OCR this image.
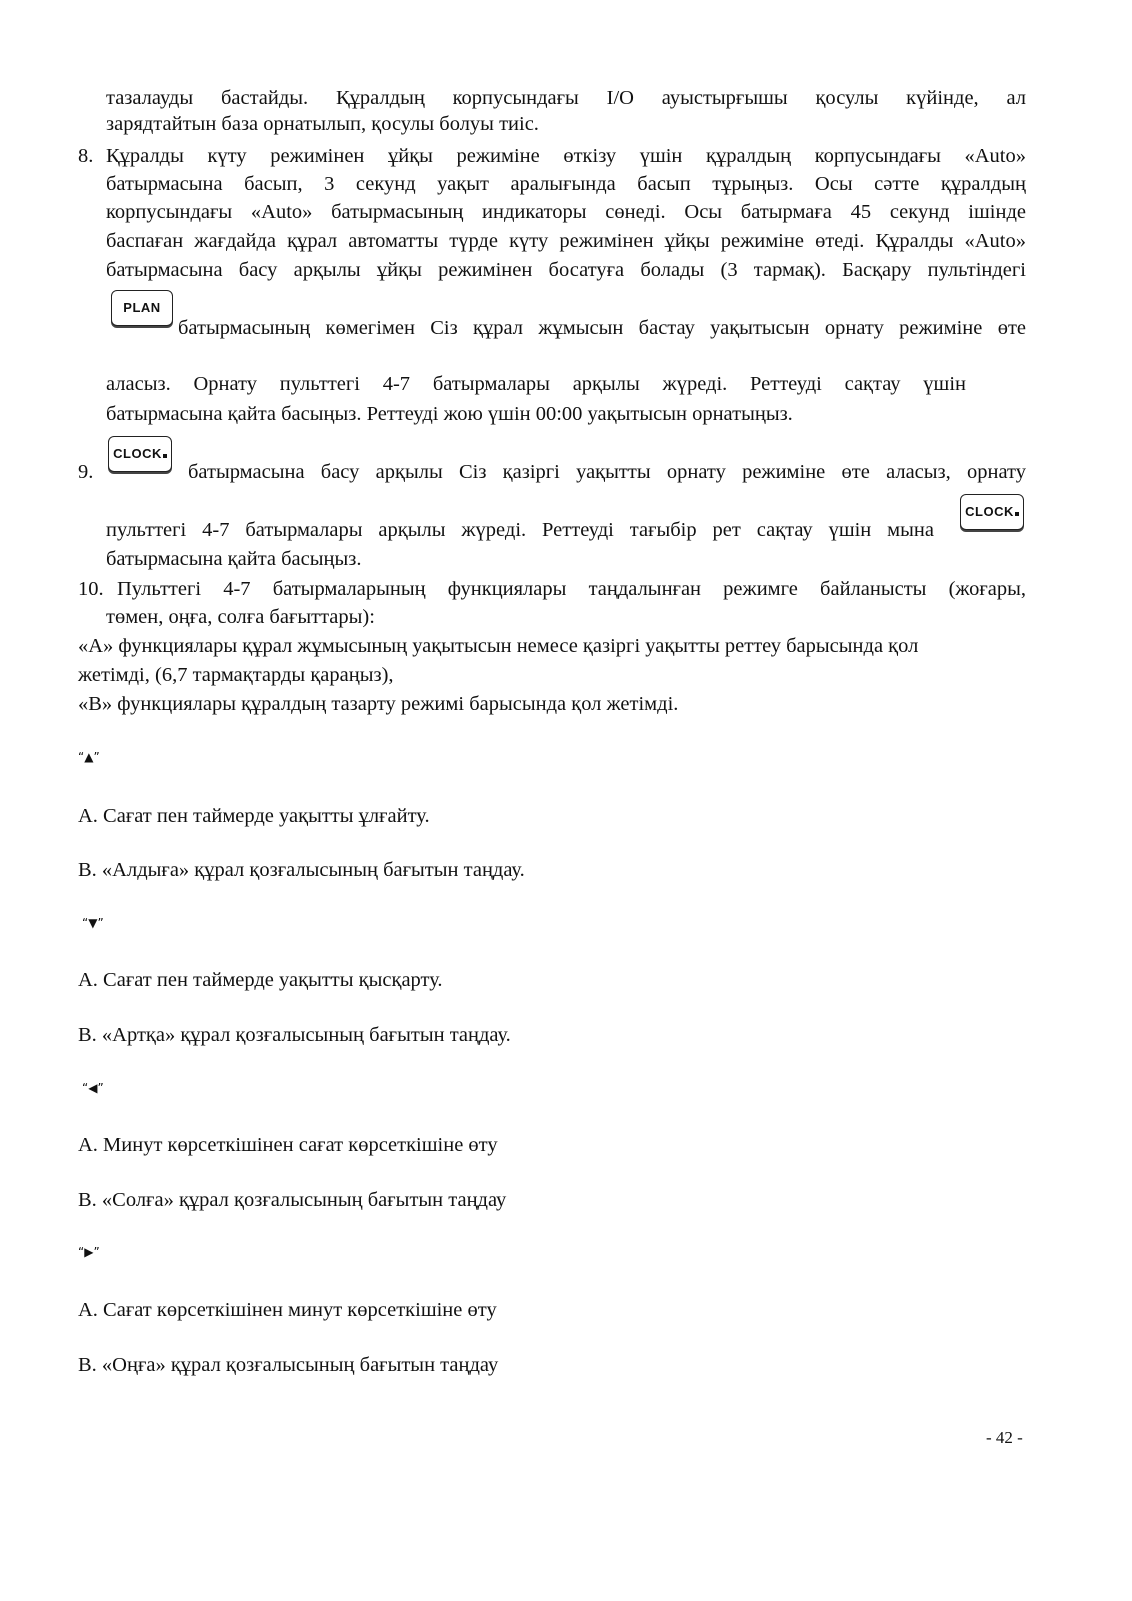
тазалауды бастайды. Құралдың корпусындағы I/O ауыстырғышы қосулы күйінде, ал
зарядтайтын база орнатылып, қосулы болуы тиіс.
8. Құралды күту режимінен ұйқы режиміне өткізу үшін құралдың корпусындағы «Auto»
батырмасына басып, 3 секунд уақыт аралығында басып тұрыңыз. Осы сәтте құралдың
корпусындағы «Auto» батырмасының индикаторы сөнеді. Осы батырмаға 45 секунд ішінде
баспаған жағдайда құрал автоматты түрде күту режимінен ұйқы режиміне өтеді. Құралды «Auto»
батырмасына басу арқылы ұйқы режимінен босатуға болады (3 тармақ). Басқару пультіндегі
PLAN
батырмасының көмегімен Сіз құрал жұмысын бастау уақытысын орнату режиміне өте
аласыз. Орнату пульттегі 4-7 батырмалары арқылы жүреді. Реттеуді сақтау үшін
батырмасына қайта басыңыз. Реттеуді жою үшін 00:00 уақытысын орнатыңыз.
9.
CLOCK
батырмасына басу арқылы Сіз қазіргі уақытты орнату режиміне өте аласыз, орнату
пульттегі 4-7 батырмалары арқылы жүреді. Реттеуді тағыбір рет сақтау үшін мына
CLOCK
батырмасына қайта басыңыз.
10. Пульттегі 4-7 батырмаларының функциялары таңдалынған режимге байланысты (жоғары,
төмен, оңға, солға бағыттары):
«А» функциялары құрал жұмысының уақытысын немесе қазіргі уақытты реттеу барысында қол
жетімді, (6,7 тармақтарды қараңыз),
«В» функциялары құралдың тазарту режимі барысында қол жетімді.
“▲”
А. Сағат пен таймерде уақытты ұлғайту.
В. «Алдыға» құрал қозғалысының бағытын таңдау.
“▼”
А. Сағат пен таймерде уақытты қысқарту.
В. «Артқа» құрал қозғалысының бағытын таңдау.
“◀”
А. Минут көрсеткішінен сағат көрсеткішіне өту
В. «Солға» құрал қозғалысының бағытын таңдау
“▶”
А. Сағат көрсеткішінен минут көрсеткішіне өту
В. «Оңға» құрал қозғалысының бағытын таңдау
- 42 -
